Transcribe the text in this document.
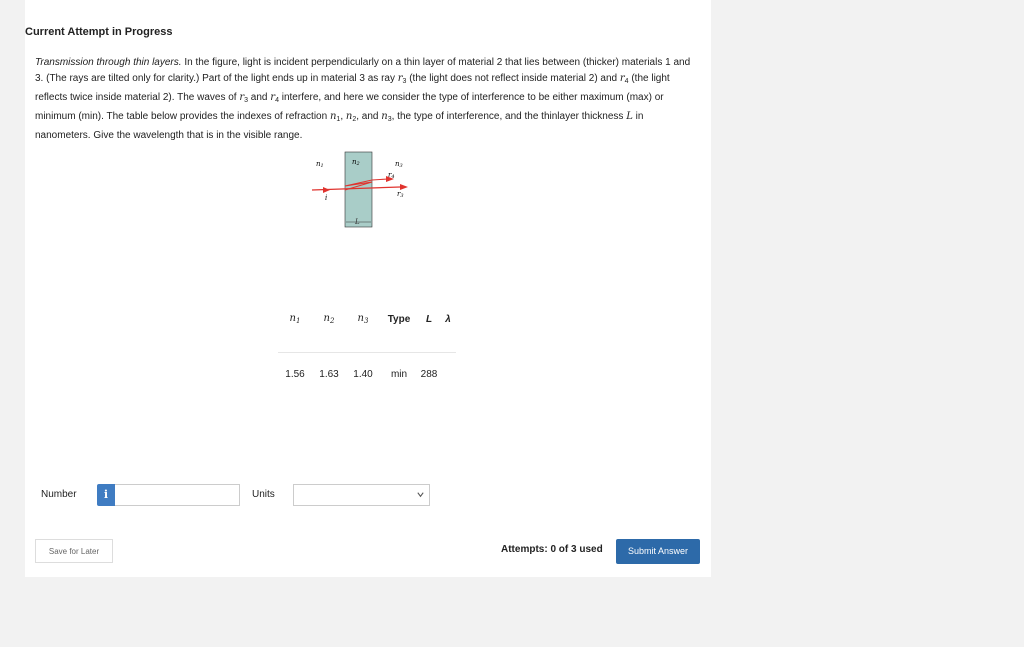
Current Attempt in Progress
Transmission through thin layers. In the figure, light is incident perpendicularly on a thin layer of material 2 that lies between (thicker) materials 1 and 3. (The rays are tilted only for clarity.) Part of the light ends up in material 3 as ray $r_3$ (the light does not reflect inside material 2) and $r_4$ (the light reflects twice inside material 2). The waves of $r_3$ and $r_4$ interfere, and here we consider the type of interference to be either maximum (max) or minimum (min). The table below provides the indexes of refraction $n_1$, $n_2$, and $n_3$, the type of interference, and the thinlayer thickness L in nanometers. Give the wavelength that is in the visible range.
n1	n2	n3
r4
r3
i
L
$n_1$	$n_2$	$n_3$	Type	L	λ
1.56	1.63	1.40	min	288
Number	i	Units
Save for Later	Attempts: 0 of 3 used	Submit Answer
